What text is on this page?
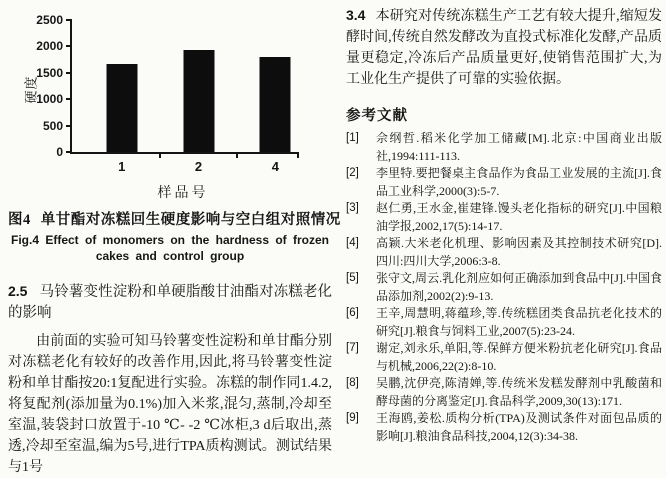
硬度
0
500
1000
1500
2000
2500
1	2	4
样品号
图4 单甘酯对冻糕回生硬度影响与空白组对照情况
Fig.4 Effect of monomers on the hardness of frozen
cakes and control group
2.5 马铃薯变性淀粉和单硬脂酸甘油酯对冻糕老化的影响
由前面的实验可知马铃薯变性淀粉和单甘酯分别对冻糕老化有较好的改善作用,因此,将马铃薯变性淀粉和单甘酯按20:1复配进行实验。冻糕的制作同1.4.2,将复配剂(添加量为0.1%)加入米浆,混匀,蒸制,冷却至室温,装袋封口放置于-10 ℃- -2 ℃冰柜,3 d后取出,蒸透,冷却至室温,编为5号,进行TPA质构测试。测试结果与1号
3.4 本研究对传统冻糕生产工艺有较大提升,缩短发酵时间,传统自然发酵改为直投式标准化发酵,产品质量更稳定,冷冻后产品质量更好,使销售范围扩大,为工业化生产提供了可靠的实验依据。
参考文献
[1]	佘纲哲.稻米化学加工储藏[M].北京:中国商业出版社,1994:111-113.
[2]	李里特.要把餐桌主食品作为食品工业发展的主流[J].食品工业科学,2000(3):5-7.
[3]	赵仁勇,王水金,崔建锋.馒头老化指标的研究[J].中国粮油学报,2002,17(5):14-17.
[4]	高颖.大米老化机理、影响因素及其控制技术研究[D].四川:四川大学,2006:3-8.
[5]	张守文,周云.乳化剂应如何正确添加到食品中[J].中国食品添加剂,2002(2):9-13.
[6]	王辛,周慧明,蒋蕴珍,等.传统糕团类食品抗老化技术的研究[J].粮食与饲料工业,2007(5):23-24.
[7]	谢定,刘永乐,单阳,等.保鲜方便米粉抗老化研究[J].食品与机械,2006,22(2):8-10.
[8]	吴鹏,沈伊亮,陈清婵,等.传统米发糕发酵剂中乳酸菌和酵母菌的分离鉴定[J].食品科学,2009,30(13):171.
[9]	王海鸥,姜松.质构分析(TPA)及测试条件对面包品质的影响[J].粮油食品科技,2004,12(3):34-38.
